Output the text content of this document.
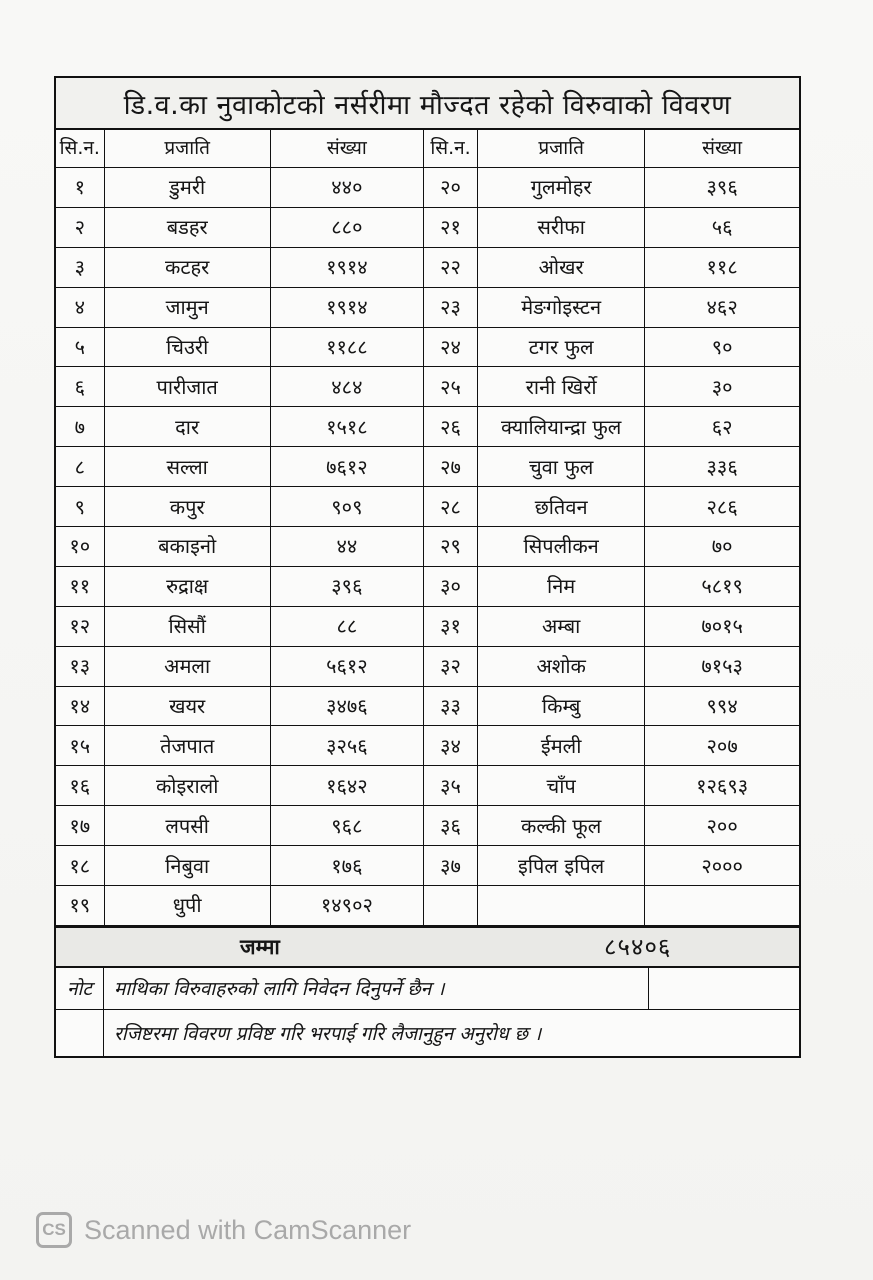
डि.व.का नुवाकोटको नर्सरीमा मौज्दत रहेको विरुवाको विवरण
सि.न.	प्रजाति	संख्या	सि.न.	प्रजाति	संख्या
१	डुमरी	४४०	२०	गुलमोहर	३९६
२	बडहर	८८०	२१	सरीफा	५६
३	कटहर	१९१४	२२	ओखर	११८
४	जामुन	१९१४	२३	मेङगोइस्टन	४६२
५	चिउरी	११८८	२४	टगर फुल	९०
६	पारीजात	४८४	२५	रानी खिर्रो	३०
७	दार	१५१८	२६	क्यालियान्द्रा फुल	६२
८	सल्ला	७६१२	२७	चुवा फुल	३३६
९	कपुर	९०९	२८	छतिवन	२८६
१०	बकाइनो	४४	२९	सिपलीकन	७०
११	रुद्राक्ष	३९६	३०	निम	५८१९
१२	सिसौं	८८	३१	अम्बा	७०१५
१३	अमला	५६१२	३२	अशोक	७१५३
१४	खयर	३४७६	३३	किम्बु	९९४
१५	तेजपात	३२५६	३४	ईमली	२०७
१६	कोइरालो	१६४२	३५	चाँप	१२६९३
१७	लपसी	९६८	३६	कल्की फूल	२००
१८	निबुवा	१७६	३७	इपिल इपिल	२०००
१९	धुपी	१४९०२			
जम्मा	८५४०६
नोट	माथिका विरुवाहरुको लागि निवेदन दिनुपर्ने छैन ।
रजिष्टरमा विवरण प्रविष्ट गरि भरपाई गरि लैजानुहुन अनुरोध छ ।
CS Scanned with CamScanner
